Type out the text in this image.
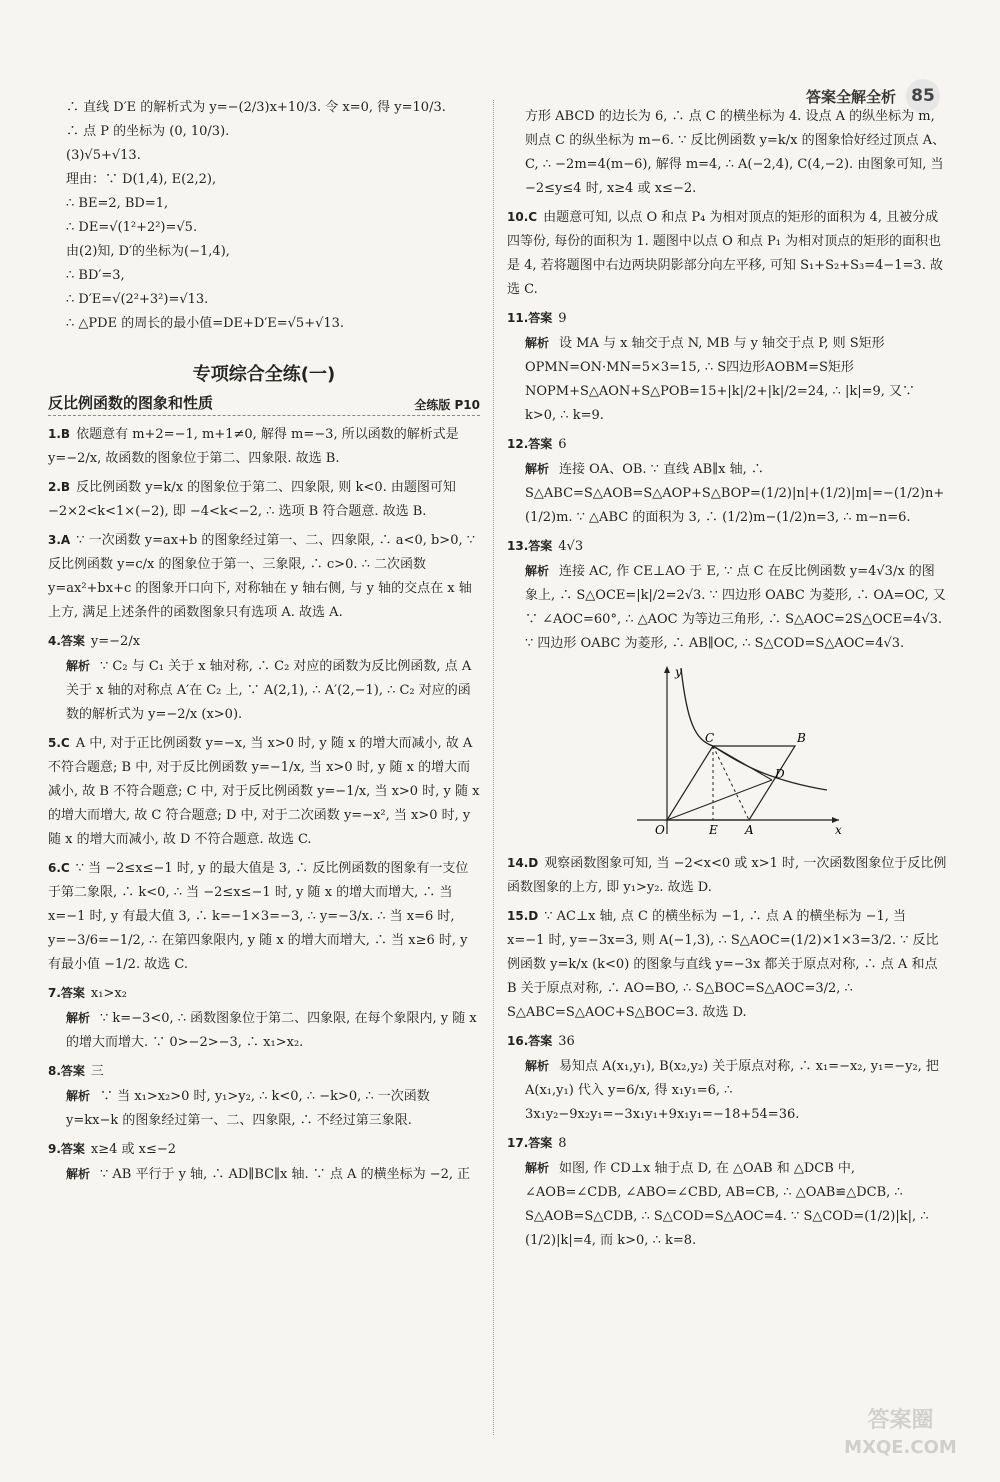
答案全解全析 85
∴ 直线 D′E 的解析式为 y=−(2/3)x+10/3. 令 x=0, 得 y=10/3.
∴ 点 P 的坐标为 (0, 10/3).
(3)√5+√13.
理由：∵ D(1,4), E(2,2),
∴ BE=2, BD=1,
∴ DE=√(1²+2²)=√5.
由(2)知, D′的坐标为(−1,4),
∴ BD′=3,
∴ D′E=√(2²+3²)=√13.
∴ △PDE 的周长的最小值=DE+D′E=√5+√13.
专项综合全练(一)
反比例函数的图象和性质	全练版 P10
1.B 依题意有 m+2=−1, m+1≠0, 解得 m=−3, 所以函数的解析式是 y=−2/x, 故函数的图象位于第二、四象限. 故选 B.
2.B 反比例函数 y=k/x 的图象位于第二、四象限, 则 k<0. 由题图可知 −2×2<k<1×(−2), 即 −4<k<−2, ∴ 选项 B 符合题意. 故选 B.
3.A ∵ 一次函数 y=ax+b 的图象经过第一、二、四象限, ∴ a<0, b>0, ∵ 反比例函数 y=c/x 的图象位于第一、三象限, ∴ c>0. ∴ 二次函数 y=ax²+bx+c 的图象开口向下, 对称轴在 y 轴右侧, 与 y 轴的交点在 x 轴上方, 满足上述条件的函数图象只有选项 A. 故选 A.
4.答案 y=−2/x
解析 ∵ C₂ 与 C₁ 关于 x 轴对称, ∴ C₂ 对应的函数为反比例函数, 点 A 关于 x 轴的对称点 A′在 C₂ 上, ∵ A(2,1), ∴ A′(2,−1), ∴ C₂ 对应的函数的解析式为 y=−2/x (x>0).
5.C A 中, 对于正比例函数 y=−x, 当 x>0 时, y 随 x 的增大而减小, 故 A 不符合题意; B 中, 对于反比例函数 y=−1/x, 当 x>0 时, y 随 x 的增大而减小, 故 B 不符合题意; C 中, 对于反比例函数 y=−1/x, 当 x>0 时, y 随 x 的增大而增大, 故 C 符合题意; D 中, 对于二次函数 y=−x², 当 x>0 时, y 随 x 的增大而减小, 故 D 不符合题意. 故选 C.
6.C ∵ 当 −2≤x≤−1 时, y 的最大值是 3, ∴ 反比例函数的图象有一支位于第二象限, ∴ k<0, ∴ 当 −2≤x≤−1 时, y 随 x 的增大而增大, ∴ 当 x=−1 时, y 有最大值 3, ∴ k=−1×3=−3, ∴ y=−3/x. ∴ 当 x=6 时, y=−3/6=−1/2, ∴ 在第四象限内, y 随 x 的增大而增大, ∴ 当 x≥6 时, y 有最小值 −1/2. 故选 C.
7.答案 x₁>x₂
解析 ∵ k=−3<0, ∴ 函数图象位于第二、四象限, 在每个象限内, y 随 x 的增大而增大. ∵ 0>−2>−3, ∴ x₁>x₂.
8.答案 三
解析 ∵ 当 x₁>x₂>0 时, y₁>y₂, ∴ k<0, ∴ −k>0, ∴ 一次函数 y=kx−k 的图象经过第一、二、四象限, ∴ 不经过第三象限.
9.答案 x≥4 或 x≤−2
解析 ∵ AB 平行于 y 轴, ∴ AD∥BC∥x 轴. ∵ 点 A 的横坐标为 −2, 正
方形 ABCD 的边长为 6, ∴ 点 C 的横坐标为 4. 设点 A 的纵坐标为 m, 则点 C 的纵坐标为 m−6. ∵ 反比例函数 y=k/x 的图象恰好经过顶点 A、C, ∴ −2m=4(m−6), 解得 m=4, ∴ A(−2,4), C(4,−2). 由图象可知, 当 −2≤y≤4 时, x≥4 或 x≤−2.
10.C 由题意可知, 以点 O 和点 P₄ 为相对顶点的矩形的面积为 4, 且被分成四等份, 每份的面积为 1. 题图中以点 O 和点 P₁ 为相对顶点的矩形的面积也是 4, 若将题图中右边两块阴影部分向左平移, 可知 S₁+S₂+S₃=4−1=3. 故选 C.
11.答案 9
解析 设 MA 与 x 轴交于点 N, MB 与 y 轴交于点 P, 则 S矩形OPMN=ON·MN=5×3=15, ∴ S四边形AOBM=S矩形NOPM+S△AON+S△POB=15+|k|/2+|k|/2=24, ∴ |k|=9, 又∵ k>0, ∴ k=9.
12.答案 6
解析 连接 OA、OB. ∵ 直线 AB∥x 轴, ∴ S△ABC=S△AOB=S△AOP+S△BOP=(1/2)|n|+(1/2)|m|=−(1/2)n+(1/2)m. ∵ △ABC 的面积为 3, ∴ (1/2)m−(1/2)n=3, ∴ m−n=6.
13.答案 4√3
解析 连接 AC, 作 CE⊥AO 于 E, ∵ 点 C 在反比例函数 y=4√3/x 的图象上, ∴ S△OCE=|k|/2=2√3. ∵ 四边形 OABC 为菱形, ∴ OA=OC, 又∵ ∠AOC=60°, ∴ △AOC 为等边三角形, ∴ S△AOC=2S△OCE=4√3. ∵ 四边形 OABC 为菱形, ∴ AB∥OC, ∴ S△COD=S△AOC=4√3.
y
x
O	E A
C	B
D
14.D 观察函数图象可知, 当 −2<x<0 或 x>1 时, 一次函数图象位于反比例函数图象的上方, 即 y₁>y₂. 故选 D.
15.D ∵ AC⊥x 轴, 点 C 的横坐标为 −1, ∴ 点 A 的横坐标为 −1, 当 x=−1 时, y=−3x=3, 则 A(−1,3), ∴ S△AOC=(1/2)×1×3=3/2. ∵ 反比例函数 y=k/x (k<0) 的图象与直线 y=−3x 都关于原点对称, ∴ 点 A 和点 B 关于原点对称, ∴ AO=BO, ∴ S△BOC=S△AOC=3/2, ∴ S△ABC=S△AOC+S△BOC=3. 故选 D.
16.答案 36
解析 易知点 A(x₁,y₁), B(x₂,y₂) 关于原点对称, ∴ x₁=−x₂, y₁=−y₂, 把 A(x₁,y₁) 代入 y=6/x, 得 x₁y₁=6, ∴ 3x₁y₂−9x₂y₁=−3x₁y₁+9x₁y₁=−18+54=36.
17.答案 8
解析 如图, 作 CD⊥x 轴于点 D, 在 △OAB 和 △DCB 中, ∠AOB=∠CDB, ∠ABO=∠CBD, AB=CB, ∴ △OAB≌△DCB, ∴ S△AOB=S△CDB, ∴ S△COD=S△AOC=4. ∵ S△COD=(1/2)|k|, ∴ (1/2)|k|=4, 而 k>0, ∴ k=8.
答案圈
MXQE.COM
